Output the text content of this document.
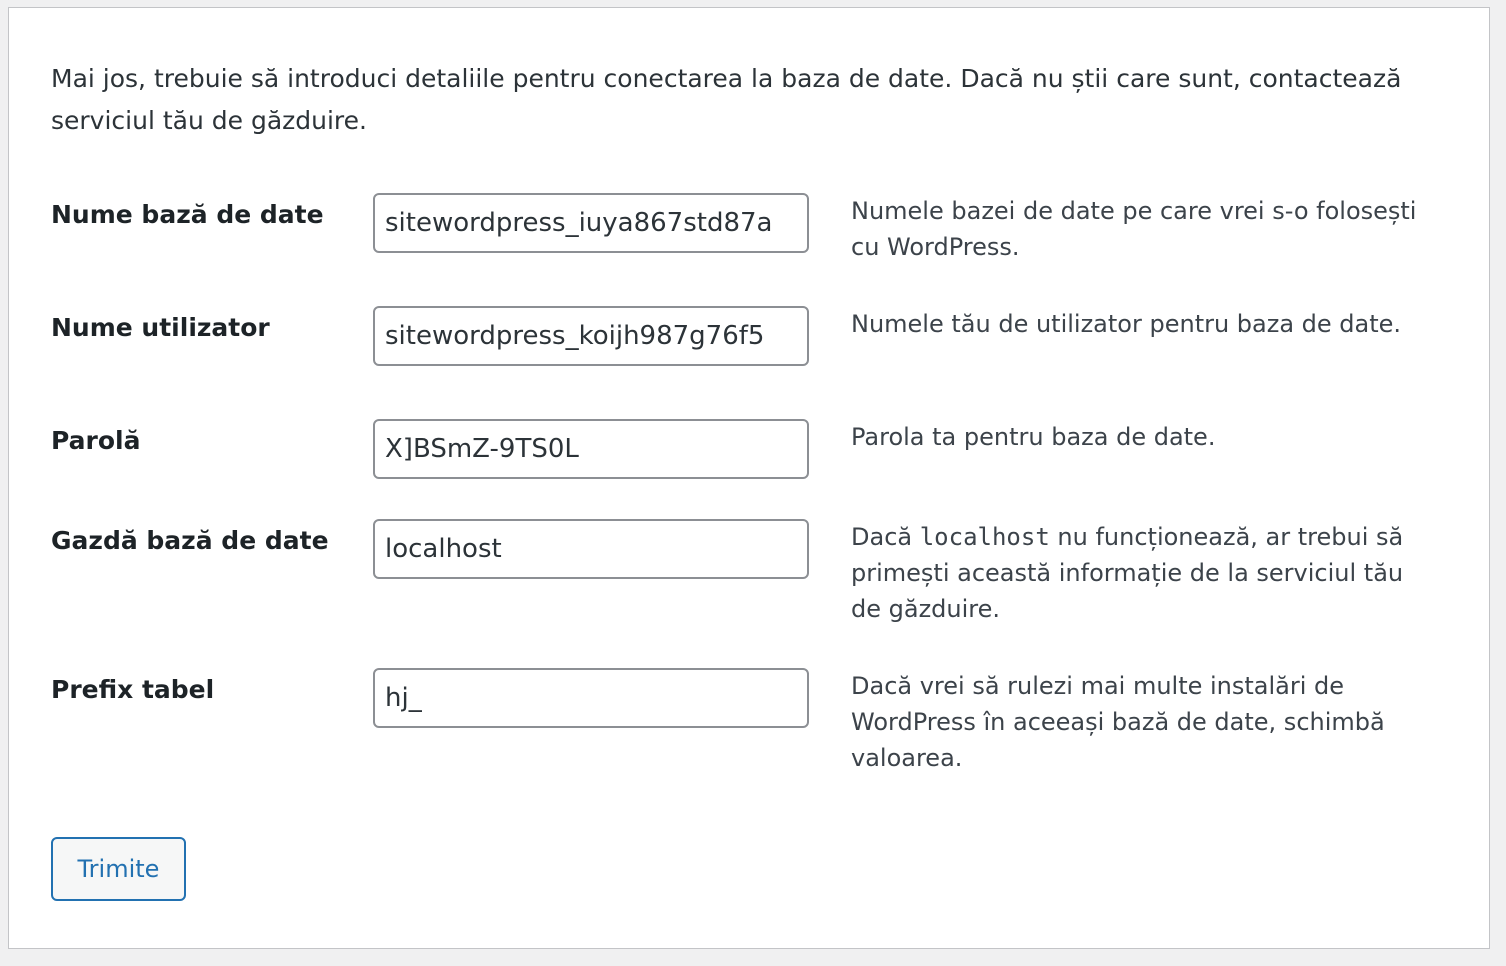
Mai jos, trebuie să introduci detaliile pentru conectarea la baza de date. Dacă nu știi care sunt, contactează serviciul tău de găzduire.

Nume bază de date
sitewordpress_iuya867std87a	Numele bazei de date pe care vrei s-o folosești cu WordPress.
Nume utilizator
sitewordpress_koijh987g76f5	Numele tău de utilizator pentru baza de date.
Parolă
X]BSmZ-9TS0L	Parola ta pentru baza de date.
Gazdă bază de date
localhost	Dacă localhost nu funcționează, ar trebui să primești această informație de la serviciul tău de găzduire.
Prefix tabel
hj_	Dacă vrei să rulezi mai multe instalări de WordPress în aceeași bază de date, schimbă valoarea.
Trimite
